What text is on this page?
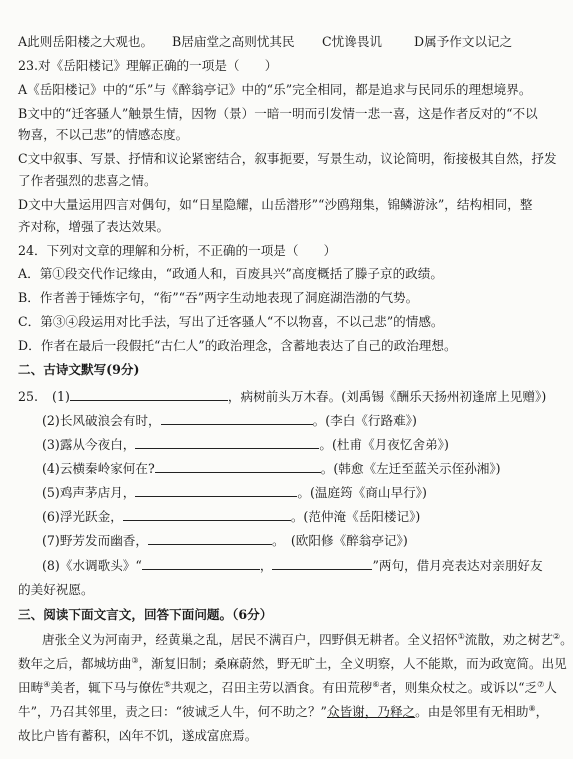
A此则岳阳楼之大观也。 B居庙堂之高则忧其民 C忧谗畏讥	D属予作文以记之
23.对《岳阳楼记》理解正确的一项是（　　）
A《岳阳楼记》中的“乐”与《醉翁亭记》中的“乐”完全相同，都是追求与民同乐的理想境界。
B文中的“迁客骚人”触景生情，因物（景）一暗一明而引发情一悲一喜，这是作者反对的“不以
物喜，不以己悲”的情感态度。
C文中叙事、写景、抒情和议论紧密结合，叙事扼要，写景生动，议论简明，衔接极其自然，抒发
了作者强烈的悲喜之情。
D文中大量运用四言对偶句，如“日星隐耀，山岳潜形”“沙鸥翔集，锦鳞游泳”，结构相同，整
齐对称，增强了表达效果。
24．下列对文章的理解和分析，不正确的一项是（　　）
A．第①段交代作记缘由，“政通人和，百废具兴”高度概括了滕子京的政绩。
B．作者善于锤炼字句，“衔”“吞”两字生动地表现了洞庭湖浩渤的气势。
C．第③④段运用对比手法，写出了迁客骚人“不以物喜，不以己悲”的情感。
D．作者在最后一段假托“古仁人”的政治理念，含蓄地表达了自己的政治理想。
二、古诗文默写(9分)
25. (1)	，病树前头万木春。(刘禹锡《酬乐天扬州初逢席上见赠》)
(2)长风破浪会有时，	。(李白《行路难》)
(3)露从今夜白，	。(杜甫《月夜忆舍弟》)
(4)云横秦岭家何在?	。(韩愈《左迁至蓝关示侄孙湘》)
(5)鸡声茅店月，	。(温庭筠《商山早行》)
(6)浮光跃金，	。(范仲淹《岳阳楼记》)
(7)野芳发而幽香，	。　(欧阳修《醉翁亭记》)
(8)《水调歌头》“	，	”两句，借月亮表达对亲朋好友
的美好祝愿。
三、阅读下面文言文，回答下面问题。（6分）
唐张全义为河南尹，经黄巢之乱，居民不满百户，四野俱无耕者。全义招怀①流散，劝之树艺②。
数年之后，都城坊曲③，渐复旧制；桑麻蔚然，野无旷土，全义明察，人不能欺，而为政宽简。出见
田畴④美者，辄下马与僚佐⑤共观之，召田主劳以酒食。有田荒秽⑥者，则集众杖之。或诉以“乏⑦人
牛”，乃召其邻里，责之曰：“彼诚乏人牛，何不助之？”众皆谢，乃释之。由是邻里有无相助⑧，
故比户皆有蓄积，凶年不饥，遂成富庶焉。
